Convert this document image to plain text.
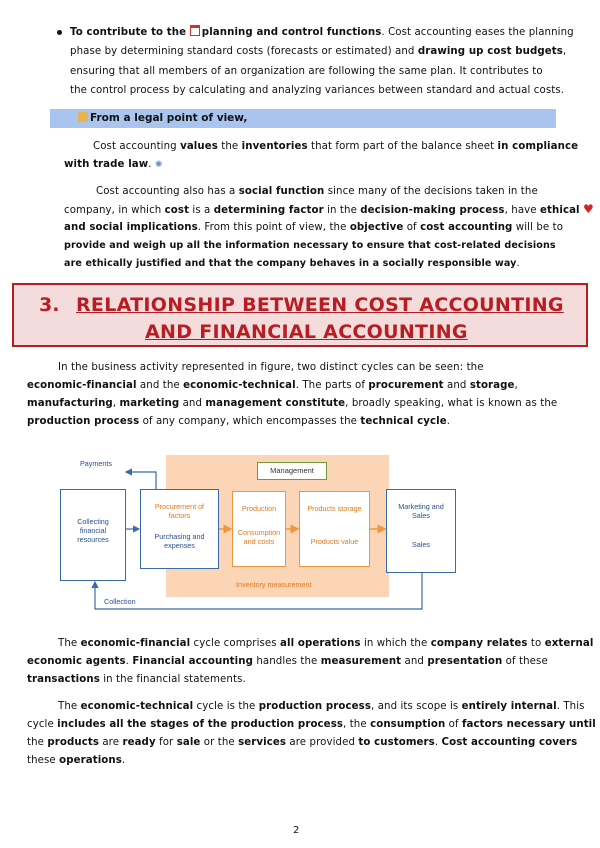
To contribute to the planning and control functions. Cost accounting eases the planning
phase by determining standard costs (forecasts or estimated) and drawing up cost budgets,
ensuring that all members of an organization are following the same plan. It contributes to
the control process by calculating and analyzing variances between standard and actual costs.
From a legal point of view,
Cost accounting values the inventories that form part of the balance sheet in compliance
with trade law. ✺
Cost accounting also has a social function since many of the decisions taken in the
company, in which cost is a determining factor in the decision-making process, have ethical ♥
and social implications. From this point of view, the objective of cost accounting will be to
provide and weigh up all the information necessary to ensure that cost-related decisions
are ethically justified and that the company behaves in a socially responsible way.
3. RELATIONSHIP BETWEEN COST ACCOUNTING
AND FINANCIAL ACCOUNTING
In the business activity represented in figure, two distinct cycles can be seen: the
economic-financial and the economic-technical. The parts of procurement and storage,
manufacturing, marketing and management constitute, broadly speaking, what is known as the
production process of any company, which encompasses the technical cycle.
Management
Payments
Collecting
financial
resources
Procurement of
factors
Purchasing and
expenses
Production
Consumption
and costs
Products storage
Products value
Marketing and
Sales
Sales
Inventory measurement
Collection
The economic-financial cycle comprises all operations in which the company relates to external
economic agents. Financial accounting handles the measurement and presentation of these
transactions in the financial statements.
The economic-technical cycle is the production process, and its scope is entirely internal. This
cycle includes all the stages of the production process, the consumption of factors necessary until
the products are ready for sale or the services are provided to customers. Cost accounting covers
these operations.
2
